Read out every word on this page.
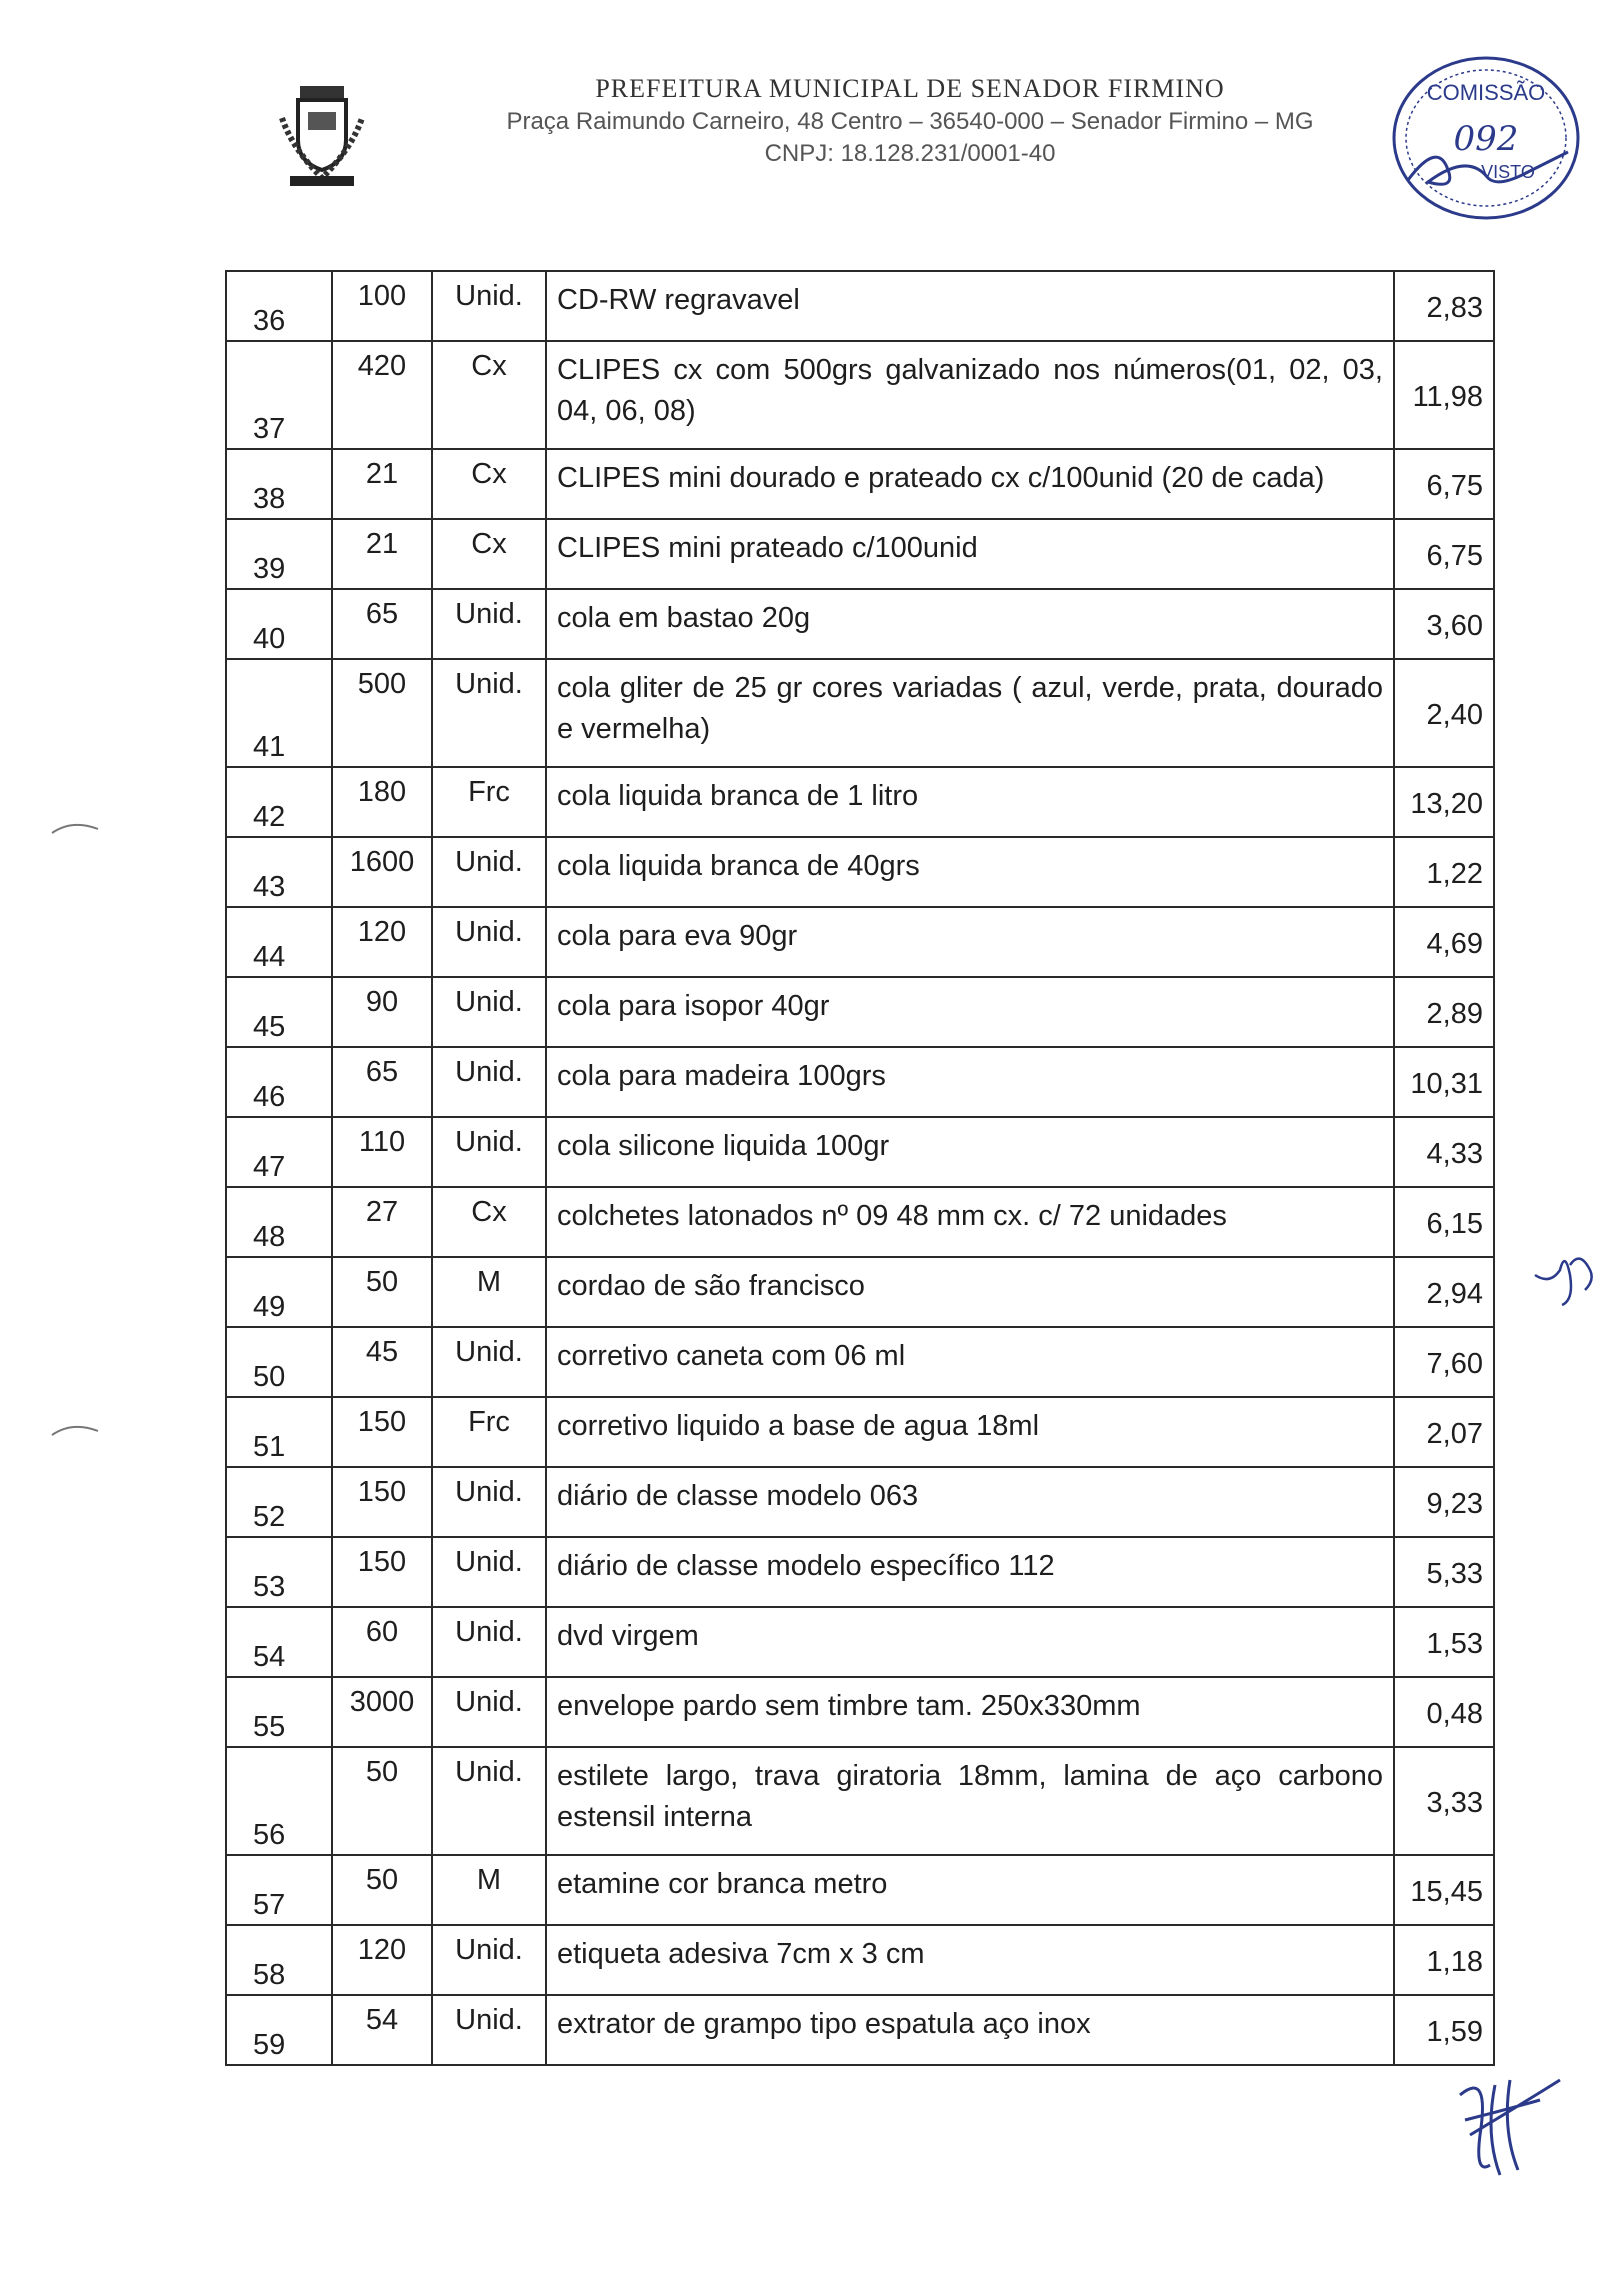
PREFEITURA MUNICIPAL DE SENADOR FIRMINO
Praça Raimundo Carneiro, 48 Centro – 36540-000 – Senador Firmino – MG
CNPJ: 18.128.231/0001-40
COMISSÃO
092
VISTO
36	100	Unid.	CD-RW regravavel	2,83
37	420	Cx	CLIPES cx com 500grs galvanizado nos números(01, 02, 03, 04, 06, 08)	11,98
38	21	Cx	CLIPES mini dourado e prateado cx c/100unid (20 de cada)	6,75
39	21	Cx	CLIPES mini prateado c/100unid	6,75
40	65	Unid.	cola em bastao 20g	3,60
41	500	Unid.	cola gliter de 25 gr cores variadas ( azul, verde, prata, dourado e vermelha)	2,40
42	180	Frc	cola liquida branca de 1 litro	13,20
43	1600	Unid.	cola liquida branca de 40grs	1,22
44	120	Unid.	cola para eva 90gr	4,69
45	90	Unid.	cola para isopor 40gr	2,89
46	65	Unid.	cola para madeira 100grs	10,31
47	110	Unid.	cola silicone liquida 100gr	4,33
48	27	Cx	colchetes latonados nº 09 48 mm cx. c/ 72 unidades	6,15
49	50	M	cordao de são francisco	2,94
50	45	Unid.	corretivo caneta com 06 ml	7,60
51	150	Frc	corretivo liquido a base de agua 18ml	2,07
52	150	Unid.	diário de classe modelo 063	9,23
53	150	Unid.	diário de classe modelo específico 112	5,33
54	60	Unid.	dvd virgem	1,53
55	3000	Unid.	envelope pardo sem timbre tam. 250x330mm	0,48
56	50	Unid.	estilete largo, trava giratoria 18mm, lamina de aço carbono estensil interna	3,33
57	50	M	etamine cor branca metro	15,45
58	120	Unid.	etiqueta adesiva 7cm x 3 cm	1,18
59	54	Unid.	extrator de grampo tipo espatula aço inox	1,59
